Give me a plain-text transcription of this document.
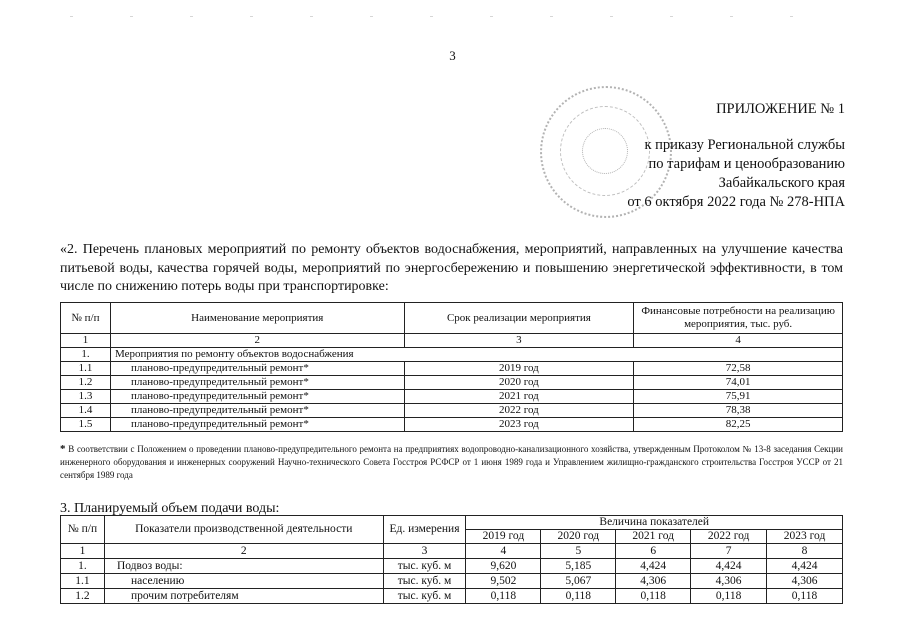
3
ПРИЛОЖЕНИЕ № 1
к приказу Региональной службы
по тарифам и ценообразованию
Забайкальского края
от 6 октября 2022 года № 278-НПА
«2. Перечень плановых мероприятий по ремонту объектов водоснабжения, мероприятий, направленных на улучшение качества питьевой воды, качества горячей воды, мероприятий по энергосбережению и повышению энергетической эффективности, в том числе по снижению потерь воды при транспортировке:
№ п/п	Наименование мероприятия	Срок реализации мероприятия	Финансовые потребности на реализацию мероприятия, тыс. руб.
1	2	3	4
1.	Мероприятия по ремонту объектов водоснабжения		
1.1	планово-предупредительный ремонт*	2019 год	72,58
1.2	планово-предупредительный ремонт*	2020 год	74,01
1.3	планово-предупредительный ремонт*	2021 год	75,91
1.4	планово-предупредительный ремонт*	2022 год	78,38
1.5	планово-предупредительный ремонт*	2023 год	82,25
* В соответствии с Положением о проведении планово-предупредительного ремонта на предприятиях водопроводно-канализационного хозяйства, утвержденным Протоколом № 13-8 заседания Секции инженерного оборудования и инженерных сооружений Научно-технического Совета Госстроя РСФСР от 1 июня 1989 года и Управлением жилищно-гражданского строительства Госстроя УССР от 21 сентября 1989 года
3. Планируемый объем подачи воды:
№ п/п	Показатели производственной деятельности	Ед. измерения	Величина показателей				
			2019 год	2020 год	2021 год	2022 год	2023 год
1	2	3	4	5	6	7	8
1.	Подвоз воды:	тыс. куб. м	9,620	5,185	4,424	4,424	4,424
1.1	населению	тыс. куб. м	9,502	5,067	4,306	4,306	4,306
1.2	прочим потребителям	тыс. куб. м	0,118	0,118	0,118	0,118	0,118
